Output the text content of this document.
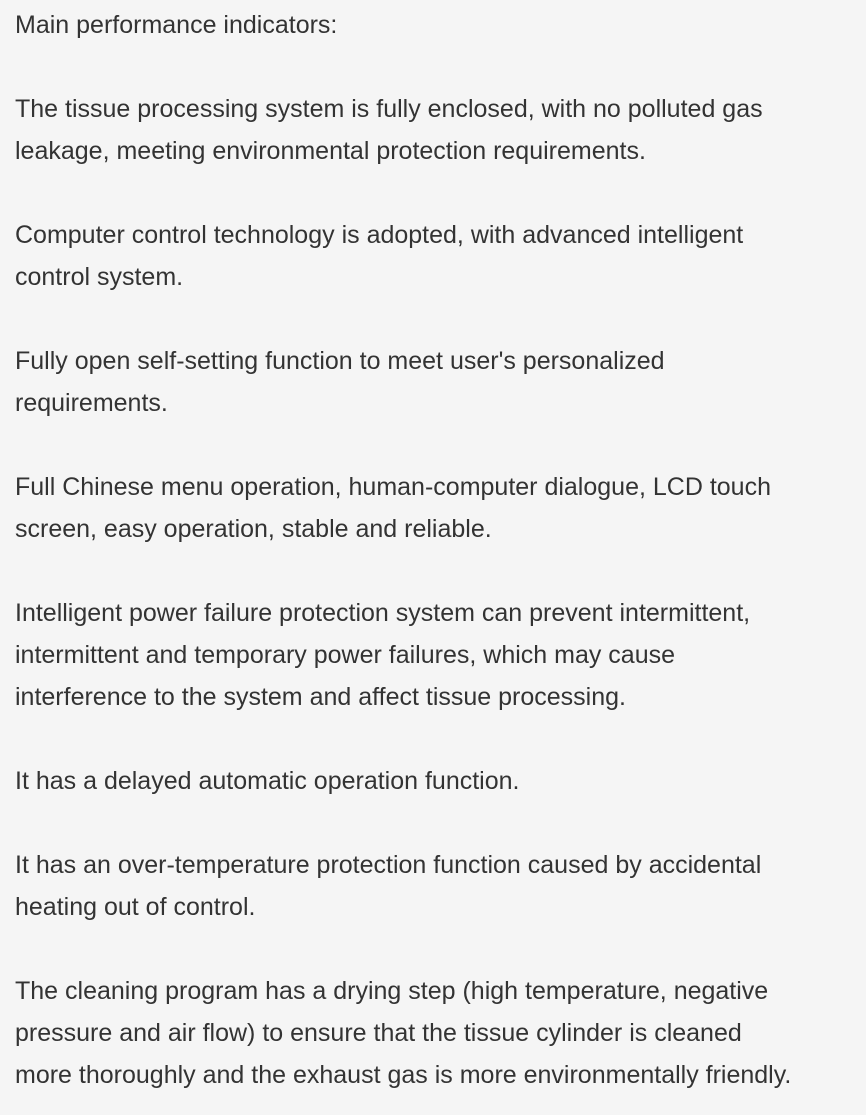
Main performance indicators:

The tissue processing system is fully enclosed, with no polluted gas

leakage, meeting environmental protection requirements.

Computer control technology is adopted, with advanced intelligent

control system.

Fully open self-setting function to meet user's personalized

requirements.

Full Chinese menu operation, human-computer dialogue, LCD touch

screen, easy operation, stable and reliable.

Intelligent power failure protection system can prevent intermittent,

intermittent and temporary power failures, which may cause

interference to the system and affect tissue processing.

It has a delayed automatic operation function.

It has an over-temperature protection function caused by accidental

heating out of control.

The cleaning program has a drying step (high temperature, negative

pressure and air flow) to ensure that the tissue cylinder is cleaned

more thoroughly and the exhaust gas is more environmentally friendly.
